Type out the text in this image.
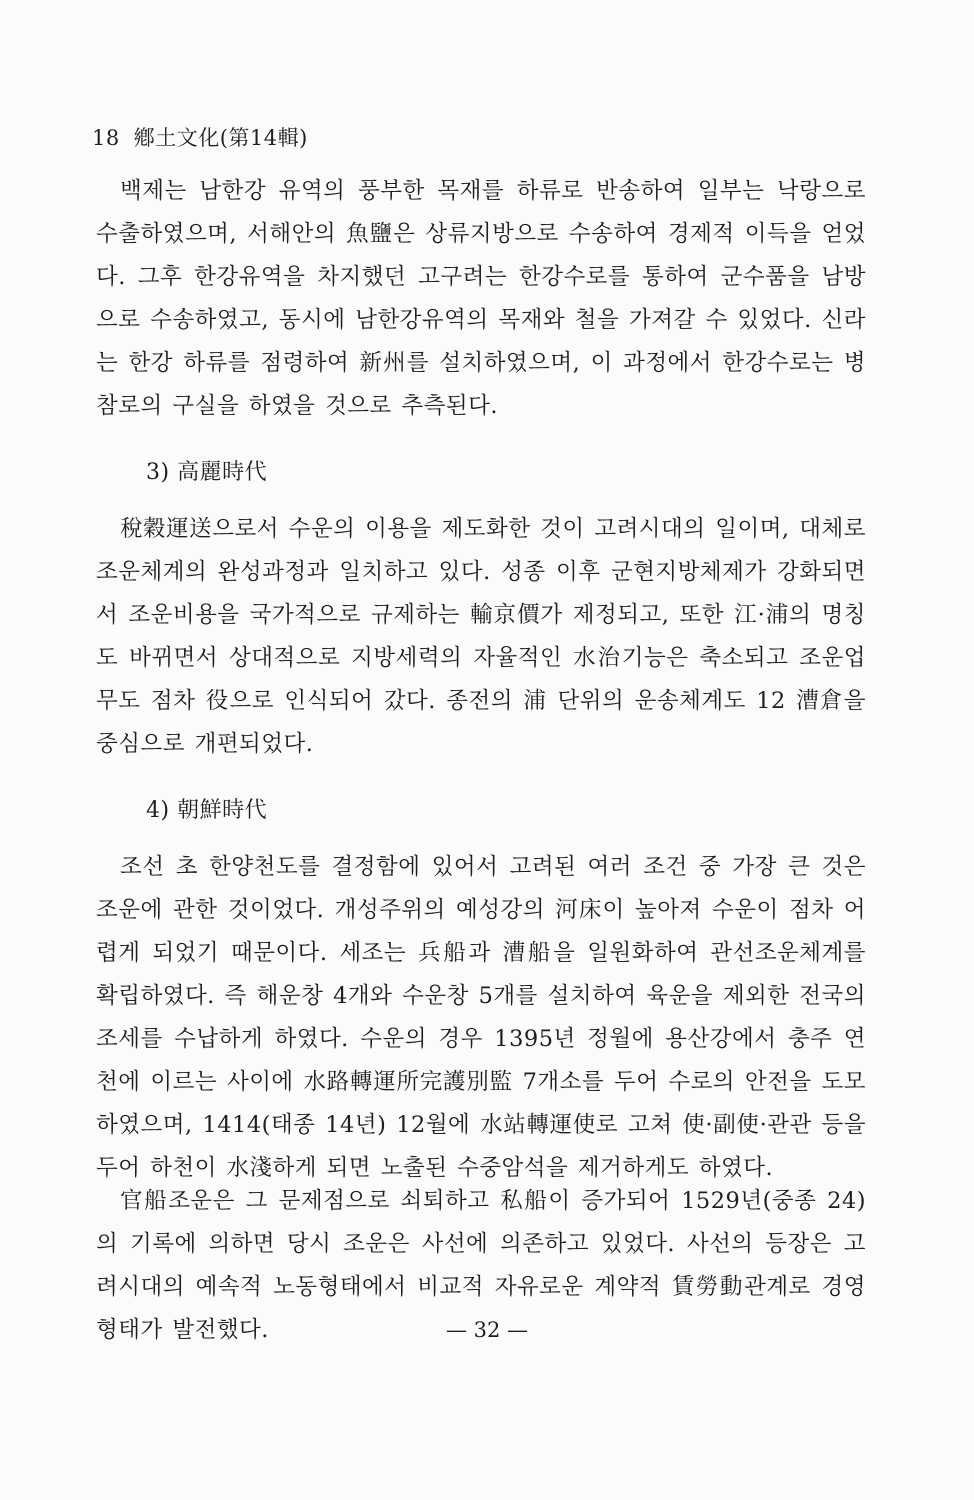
18 鄕土文化(第14輯)

백제는 남한강 유역의 풍부한 목재를 하류로 반송하여 일부는 낙랑으로 수출하였으며, 서해안의 魚鹽은 상류지방으로 수송하여 경제적 이득을 얻었다. 그후 한강유역을 차지했던 고구려는 한강수로를 통하여 군수품을 남방으로 수송하였고, 동시에 남한강유역의 목재와 철을 가져갈 수 있었다. 신라는 한강 하류를 점령하여 新州를 설치하였으며, 이 과정에서 한강수로는 병참로의 구실을 하였을 것으로 추측된다.

3) 高麗時代

稅穀運送으로서 수운의 이용을 제도화한 것이 고려시대의 일이며, 대체로 조운체계의 완성과정과 일치하고 있다. 성종 이후 군현지방체제가 강화되면서 조운비용을 국가적으로 규제하는 輸京價가 제정되고, 또한 江·浦의 명칭도 바뀌면서 상대적으로 지방세력의 자율적인 水治기능은 축소되고 조운업무도 점차 役으로 인식되어 갔다. 종전의 浦 단위의 운송체계도 12 漕倉을 중심으로 개편되었다.

4) 朝鮮時代

조선 초 한양천도를 결정함에 있어서 고려된 여러 조건 중 가장 큰 것은 조운에 관한 것이었다. 개성주위의 예성강의 河床이 높아져 수운이 점차 어렵게 되었기 때문이다. 세조는 兵船과 漕船을 일원화하여 관선조운체계를 확립하였다. 즉 해운창 4개와 수운창 5개를 설치하여 육운을 제외한 전국의 조세를 수납하게 하였다. 수운의 경우 1395년 정월에 용산강에서 충주 연천에 이르는 사이에 水路轉運所完護別監 7개소를 두어 수로의 안전을 도모하였으며, 1414(태종 14년) 12월에 水站轉運使로 고쳐 使·副使·관관 등을 두어 하천이 水淺하게 되면 노출된 수중암석을 제거하게도 하였다.

官船조운은 그 문제점으로 쇠퇴하고 私船이 증가되어 1529년(중종 24)의 기록에 의하면 당시 조운은 사선에 의존하고 있었다. 사선의 등장은 고려시대의 예속적 노동형태에서 비교적 자유로운 계약적 賃勞動관계로 경영형태가 발전했다.	— 32 —
